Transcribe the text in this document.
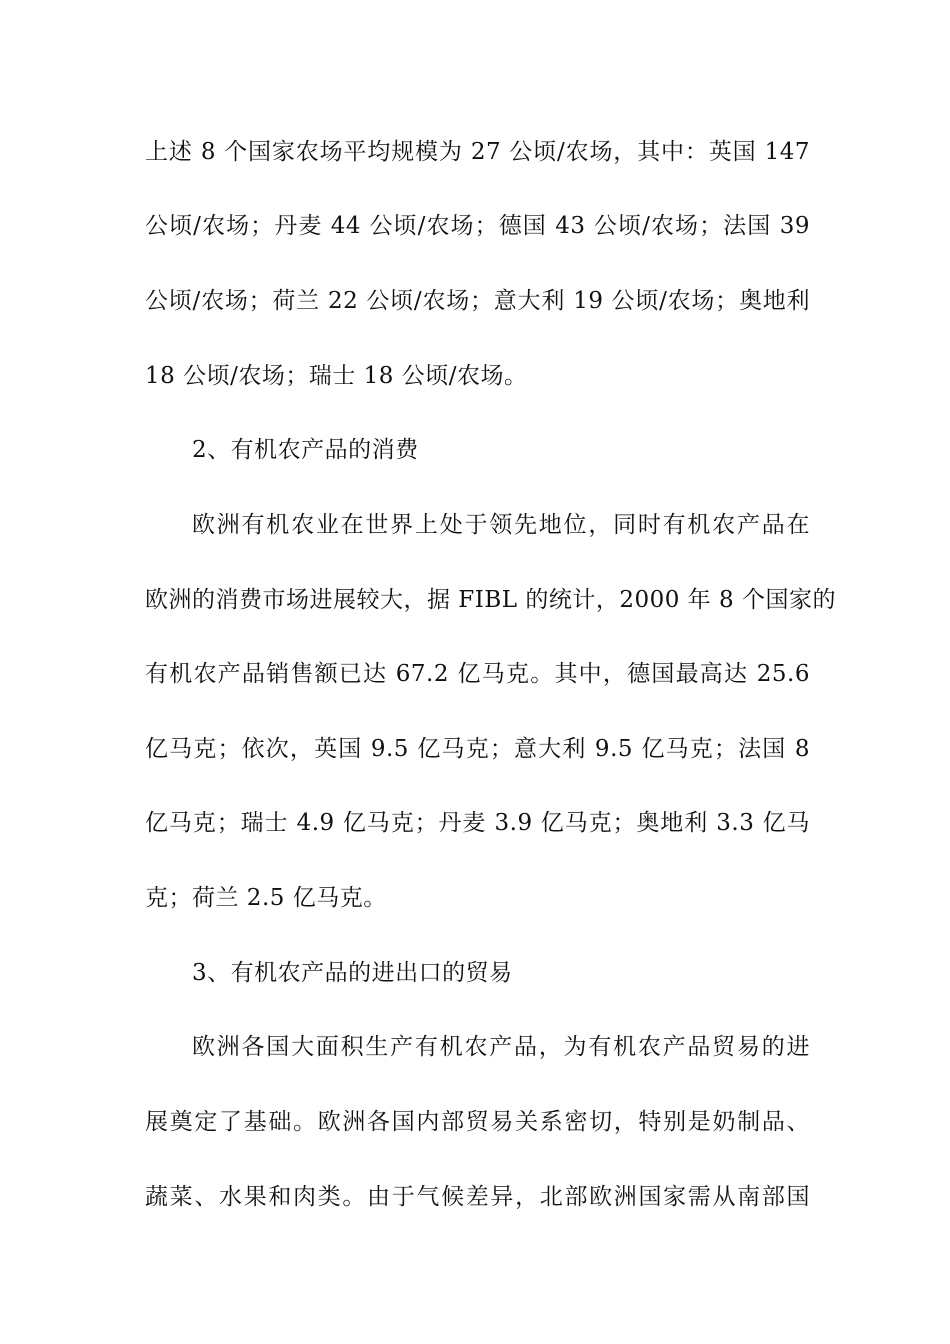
上述 8 个国家农场平均规模为 27 公顷/农场，其中：英国 147
公顷/农场；丹麦 44 公顷/农场；德国 43 公顷/农场；法国 39
公顷/农场；荷兰 22 公顷/农场；意大利 19 公顷/农场；奥地利
18 公顷/农场；瑞士 18 公顷/农场。
2、有机农产品的消费
欧洲有机农业在世界上处于领先地位，同时有机农产品在
欧洲的消费市场进展较大，据 FIBL 的统计，2000 年 8 个国家的
有机农产品销售额已达 67.2 亿马克。其中，德国最高达 25.6
亿马克；依次，英国 9.5 亿马克；意大利 9.5 亿马克；法国 8
亿马克；瑞士 4.9 亿马克；丹麦 3.9 亿马克；奥地利 3.3 亿马
克；荷兰 2.5 亿马克。
3、有机农产品的进出口的贸易
欧洲各国大面积生产有机农产品，为有机农产品贸易的进
展奠定了基础。欧洲各国内部贸易关系密切，特别是奶制品、
蔬菜、水果和肉类。由于气候差异，北部欧洲国家需从南部国
